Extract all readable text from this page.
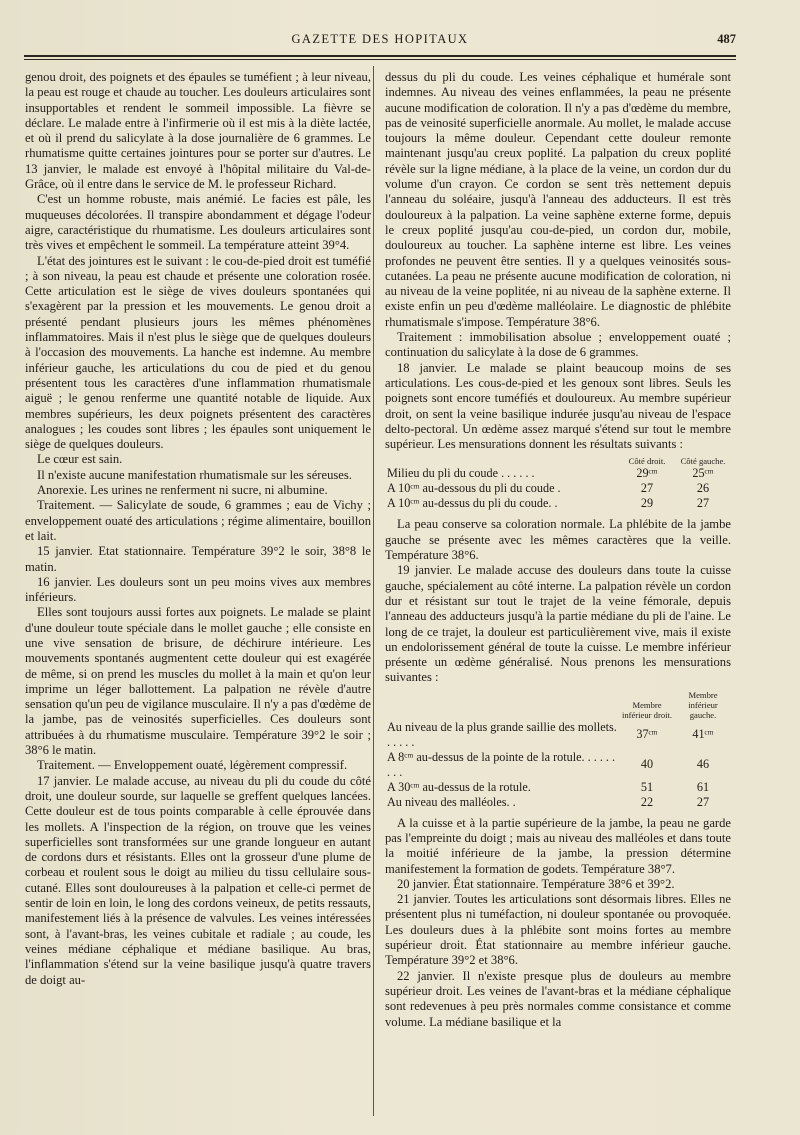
GAZETTE DES HOPITAUX	487

genou droit, des poignets et des épaules se tuméfient ; à leur niveau, la peau est rouge et chaude au toucher. Les douleurs articulaires sont insupportables et rendent le sommeil impossible. La fièvre se déclare. Le malade entre à l'infirmerie où il est mis à la diète lactée, et où il prend du salicylate à la dose journalière de 6 grammes. Le rhumatisme quitte certaines jointures pour se porter sur d'autres. Le 13 janvier, le malade est envoyé à l'hôpital militaire du Val-de-Grâce, où il entre dans le service de M. le professeur Richard.

C'est un homme robuste, mais anémié. Le facies est pâle, les muqueuses décolorées. Il transpire abondamment et dégage l'odeur aigre, caractéristique du rhumatisme. Les douleurs articulaires sont très vives et empêchent le sommeil. La température atteint 39°4.

L'état des jointures est le suivant : le cou-de-pied droit est tuméfié ; à son niveau, la peau est chaude et présente une coloration rosée. Cette articulation est le siège de vives douleurs spontanées qui s'exagèrent par la pression et les mouvements. Le genou droit a présenté pendant plusieurs jours les mêmes phénomènes inflammatoires. Mais il n'est plus le siège que de quelques douleurs à l'occasion des mouvements. La hanche est indemne. Au membre inférieur gauche, les articulations du cou de pied et du genou présentent tous les caractères d'une inflammation rhumatismale aiguë ; le genou renferme une quantité notable de liquide. Aux membres supérieurs, les deux poignets présentent des caractères analogues ; les coudes sont libres ; les épaules sont uniquement le siège de quelques douleurs.

Le cœur est sain.

Il n'existe aucune manifestation rhumatismale sur les séreuses.

Anorexie. Les urines ne renferment ni sucre, ni albumine.

Traitement. — Salicylate de soude, 6 grammes ; eau de Vichy ; enveloppement ouaté des articulations ; régime alimentaire, bouillon et lait.

15 janvier. Etat stationnaire. Température 39°2 le soir, 38°8 le matin.

16 janvier. Les douleurs sont un peu moins vives aux membres inférieurs.

Elles sont toujours aussi fortes aux poignets. Le malade se plaint d'une douleur toute spéciale dans le mollet gauche ; elle consiste en une vive sensation de brisure, de déchirure intérieure. Les mouvements spontanés augmentent cette douleur qui est exagérée de même, si on prend les muscles du mollet à la main et qu'on leur imprime un léger ballottement. La palpation ne révèle d'autre sensation qu'un peu de vigilance musculaire. Il n'y a pas d'œdème de la jambe, pas de veinosités superficielles. Ces douleurs sont attribuées à du rhumatisme musculaire. Température 39°2 le soir ; 38°6 le matin.

Traitement. — Enveloppement ouaté, légèrement compressif.

17 janvier. Le malade accuse, au niveau du pli du coude du côté droit, une douleur sourde, sur laquelle se greffent quelques lancées. Cette douleur est de tous points comparable à celle éprouvée dans les mollets. A l'inspection de la région, on trouve que les veines superficielles sont transformées sur une grande longueur en autant de cordons durs et résistants. Elles ont la grosseur d'une plume de corbeau et roulent sous le doigt au milieu du tissu cellulaire sous-cutané. Elles sont douloureuses à la palpation et celle-ci permet de sentir de loin en loin, le long des cordons veineux, de petits ressauts, manifestement liés à la présence de valvules. Les veines intéressées sont, à l'avant-bras, les veines cubitale et radiale ; au coude, les veines médiane céphalique et médiane basilique. Au bras, l'inflammation s'étend sur la veine basilique jusqu'à quatre travers de doigt au-

dessus du pli du coude. Les veines céphalique et humérale sont indemnes. Au niveau des veines enflammées, la peau ne présente aucune modification de coloration. Il n'y a pas d'œdème du membre, pas de veinosité superficielle anormale. Au mollet, le malade accuse toujours la même douleur. Cependant cette douleur remonte maintenant jusqu'au creux poplité. La palpation du creux poplité révèle sur la ligne médiane, à la place de la veine, un cordon dur du volume d'un crayon. Ce cordon se sent très nettement depuis l'anneau du soléaire, jusqu'à l'anneau des adducteurs. Il est très douloureux à la palpation. La veine saphène externe forme, depuis le creux poplité jusqu'au cou-de-pied, un cordon dur, mobile, douloureux au toucher. La saphène interne est libre. Les veines profondes ne peuvent être senties. Il y a quelques veinosités sous-cutanées. La peau ne présente aucune modification de coloration, ni au niveau de la veine poplitée, ni au niveau de la saphène externe. Il existe enfin un peu d'œdème malléolaire. Le diagnostic de phlébite rhumatismale s'impose. Température 38°6.

Traitement : immobilisation absolue ; enveloppement ouaté ; continuation du salicylate à la dose de 6 grammes.

18 janvier. Le malade se plaint beaucoup moins de ses articulations. Les cous-de-pied et les genoux sont libres. Seuls les poignets sont encore tuméfiés et douloureux. Au membre supérieur droit, on sent la veine basilique indurée jusqu'au niveau de l'espace delto-pectoral. Un œdème assez marqué s'étend sur tout le membre supérieur. Les mensurations donnent les résultats suivants :

	Côté droit.	Côté gauche.
Milieu du pli du coude . . . . . .	29ᶜᵐ	25ᶜᵐ
A 10ᶜᵐ au-dessous du pli du coude .	27	26
A 10ᶜᵐ au-dessus du pli du coude. .	29	27

La peau conserve sa coloration normale. La phlébite de la jambe gauche se présente avec les mêmes caractères que la veille. Température 38°6.

19 janvier. Le malade accuse des douleurs dans toute la cuisse gauche, spécialement au côté interne. La palpation révèle un cordon dur et résistant sur tout le trajet de la veine fémorale, depuis l'anneau des adducteurs jusqu'à la partie médiane du pli de l'aine. Le long de ce trajet, la douleur est particulièrement vive, mais il existe un endolorissement général de toute la cuisse. Le membre inférieur présente un œdème généralisé. Nous prenons les mensurations suivantes :

	Membre inférieur droit.	Membre inférieur gauche.
Au niveau de la plus grande saillie des mollets. . . . . .	37ᶜᵐ	41ᶜᵐ
A 8ᶜᵐ au-dessus de la pointe de la rotule. . . . . . . . .	40	46
A 30ᶜᵐ au-dessus de la rotule.	51	61
Au niveau des malléoles. .	22	27

A la cuisse et à la partie supérieure de la jambe, la peau ne garde pas l'empreinte du doigt ; mais au niveau des malléoles et dans toute la moitié inférieure de la jambe, la pression détermine manifestement la formation de godets. Température 38°7.

20 janvier. État stationnaire. Température 38°6 et 39°2.

21 janvier. Toutes les articulations sont désormais libres. Elles ne présentent plus ni tuméfaction, ni douleur spontanée ou provoquée. Les douleurs dues à la phlébite sont moins fortes au membre supérieur droit. État stationnaire au membre inférieur gauche. Température 39°2 et 38°6.

22 janvier. Il n'existe presque plus de douleurs au membre supérieur droit. Les veines de l'avant-bras et la médiane céphalique sont redevenues à peu près normales comme consistance et comme volume. La médiane basilique et la
